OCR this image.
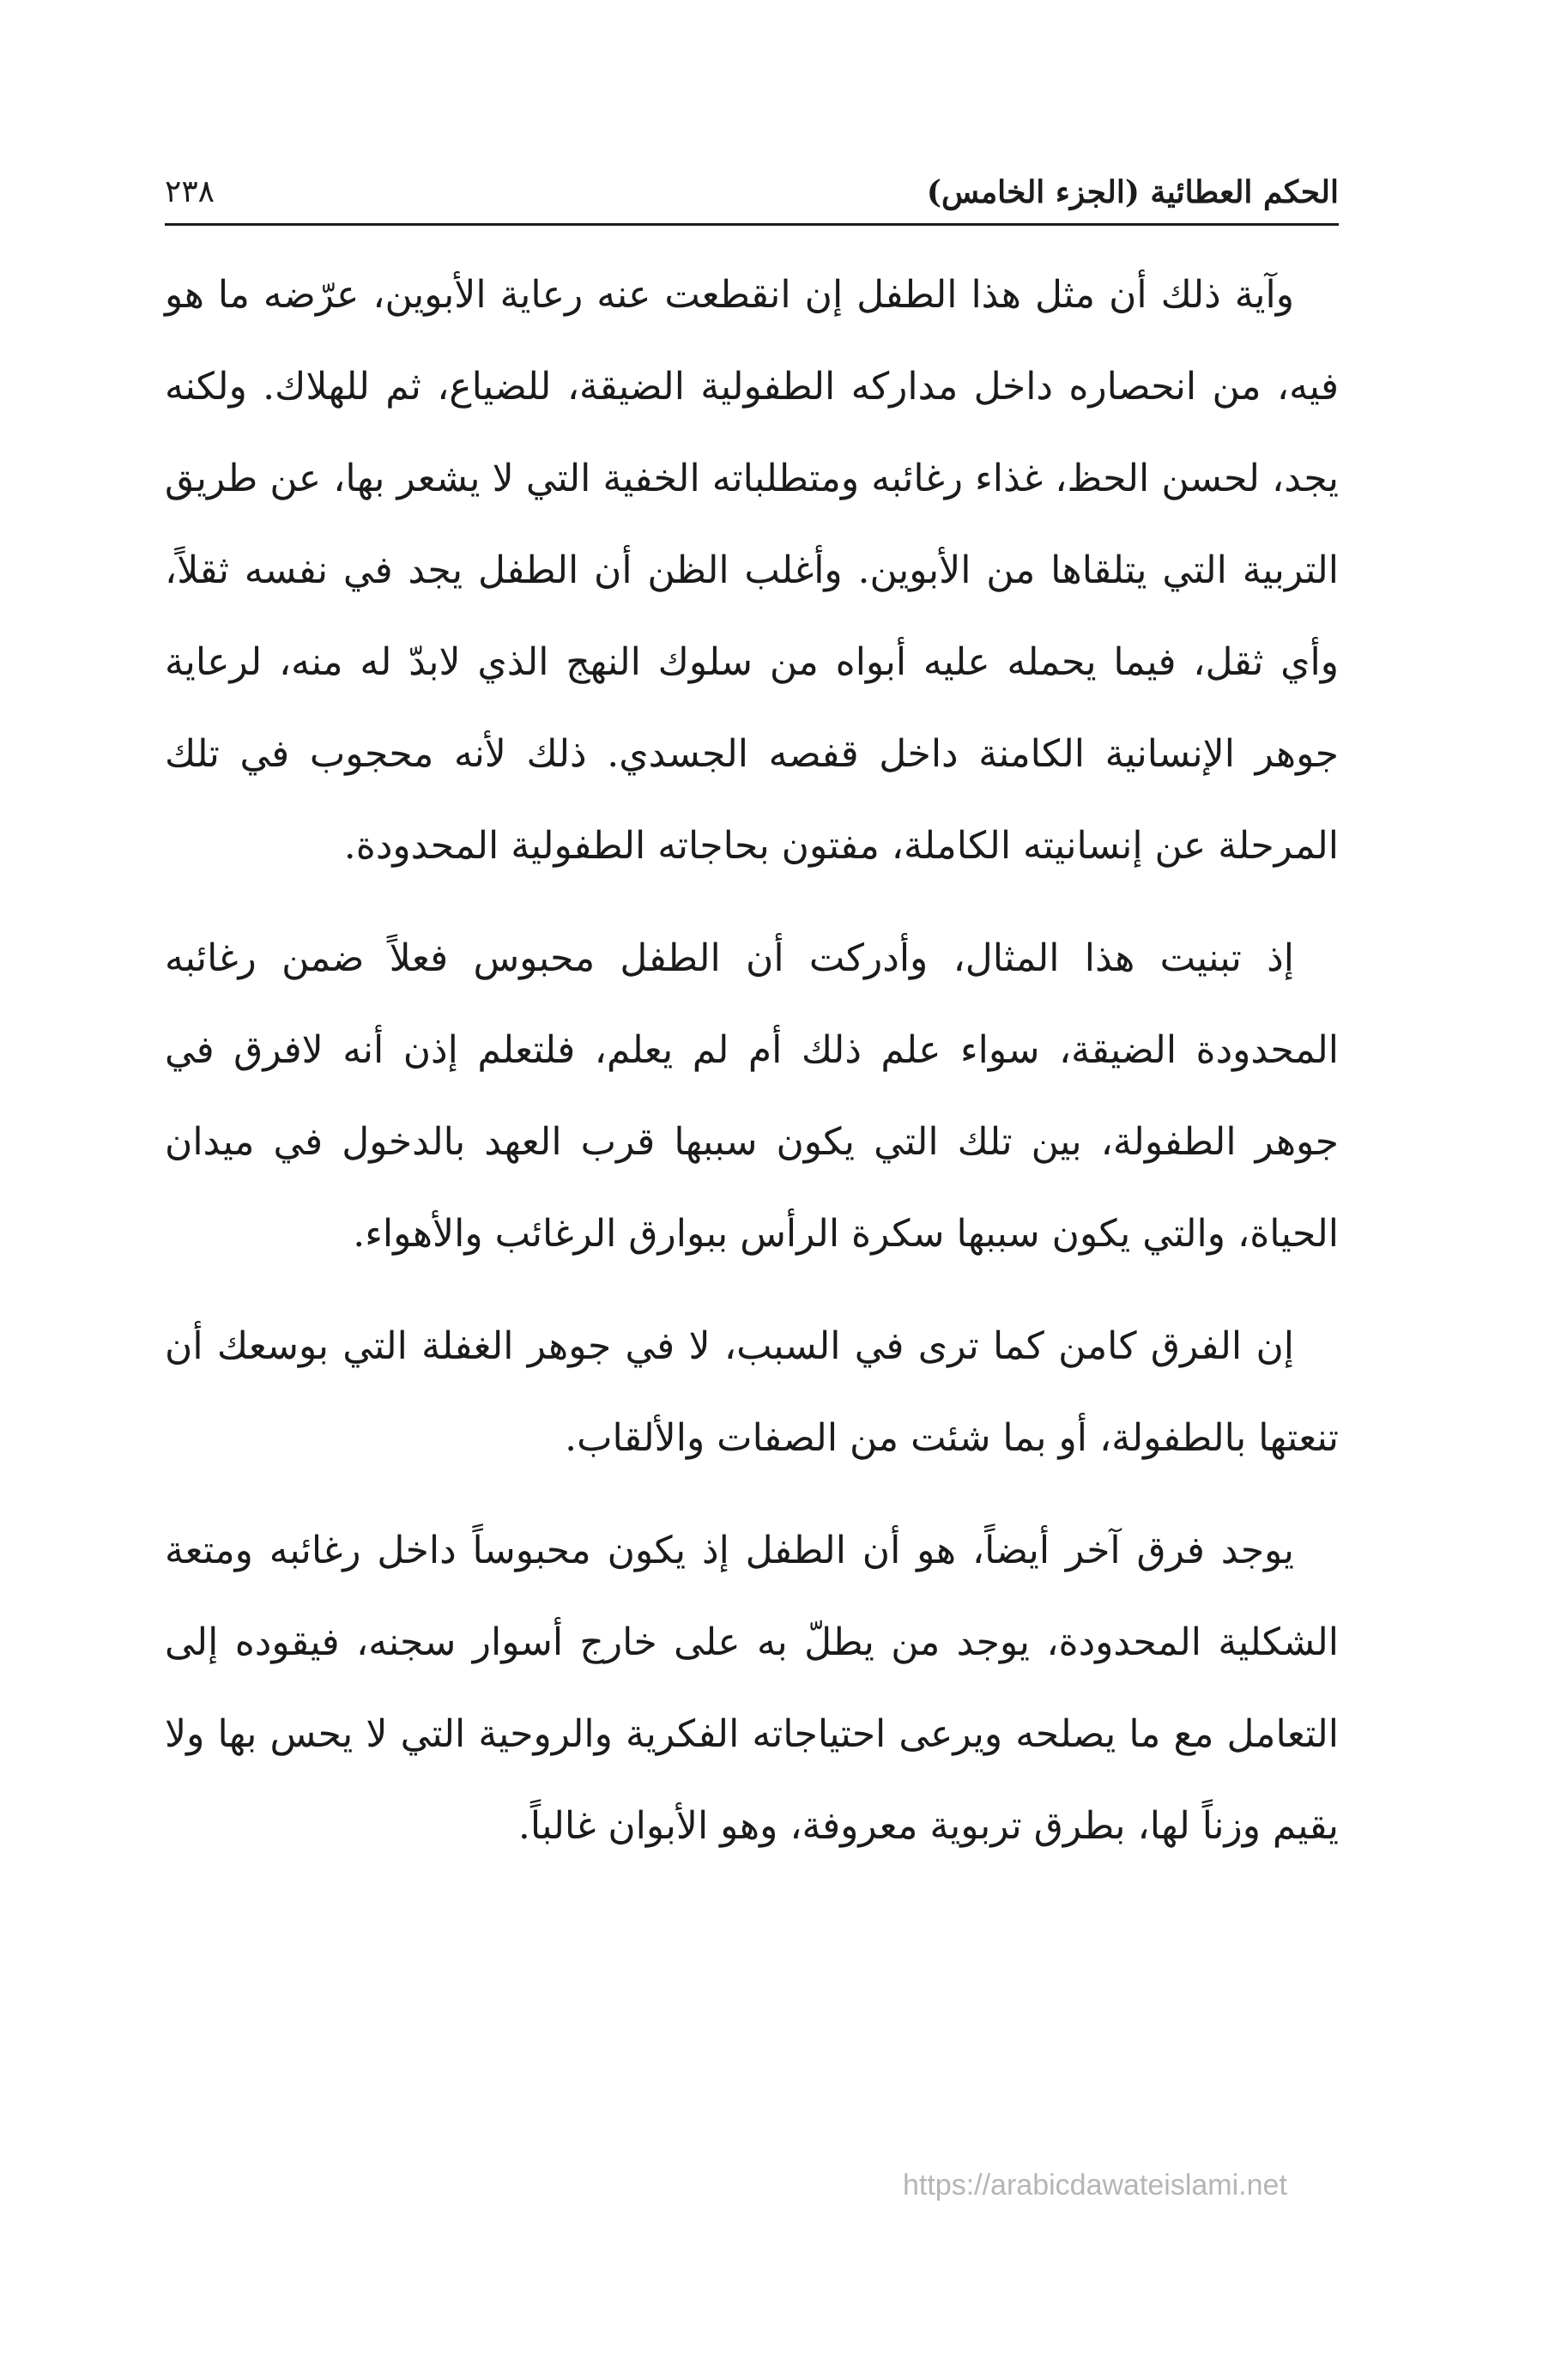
الحكم العطائية (الجزء الخامس)
٢٣٨

وآية ذلك أن مثل هذا الطفل إن انقطعت عنه رعاية الأبوين، عرّضه ما هو فيه، من انحصاره داخل مداركه الطفولية الضيقة، للضياع، ثم للهلاك. ولكنه يجد، لحسن الحظ، غذاء رغائبه ومتطلباته الخفية التي لا يشعر بها، عن طريق التربية التي يتلقاها من الأبوين. وأغلب الظن أن الطفل يجد في نفسه ثقلاً، وأي ثقل، فيما يحمله عليه أبواه من سلوك النهج الذي لابدّ له منه، لرعاية جوهر الإنسانية الكامنة داخل قفصه الجسدي. ذلك لأنه محجوب في تلك المرحلة عن إنسانيته الكاملة، مفتون بحاجاته الطفولية المحدودة.

إذ تبنيت هذا المثال، وأدركت أن الطفل محبوس فعلاً ضمن رغائبه المحدودة الضيقة، سواء علم ذلك أم لم يعلم، فلتعلم إذن أنه لافرق في جوهر الطفولة، بين تلك التي يكون سببها قرب العهد بالدخول في ميدان الحياة، والتي يكون سببها سكرة الرأس ببوارق الرغائب والأهواء.

إن الفرق كامن كما ترى في السبب، لا في جوهر الغفلة التي بوسعك أن تنعتها بالطفولة، أو بما شئت من الصفات والألقاب.

يوجد فرق آخر أيضاً، هو أن الطفل إذ يكون محبوساً داخل رغائبه ومتعة الشكلية المحدودة، يوجد من يطلّ به على خارج أسوار سجنه، فيقوده إلى التعامل مع ما يصلحه ويرعى احتياجاته الفكرية والروحية التي لا يحس بها ولا يقيم وزناً لها، بطرق تربوية معروفة، وهو الأبوان غالباً.

https://arabicdawateislami.net
